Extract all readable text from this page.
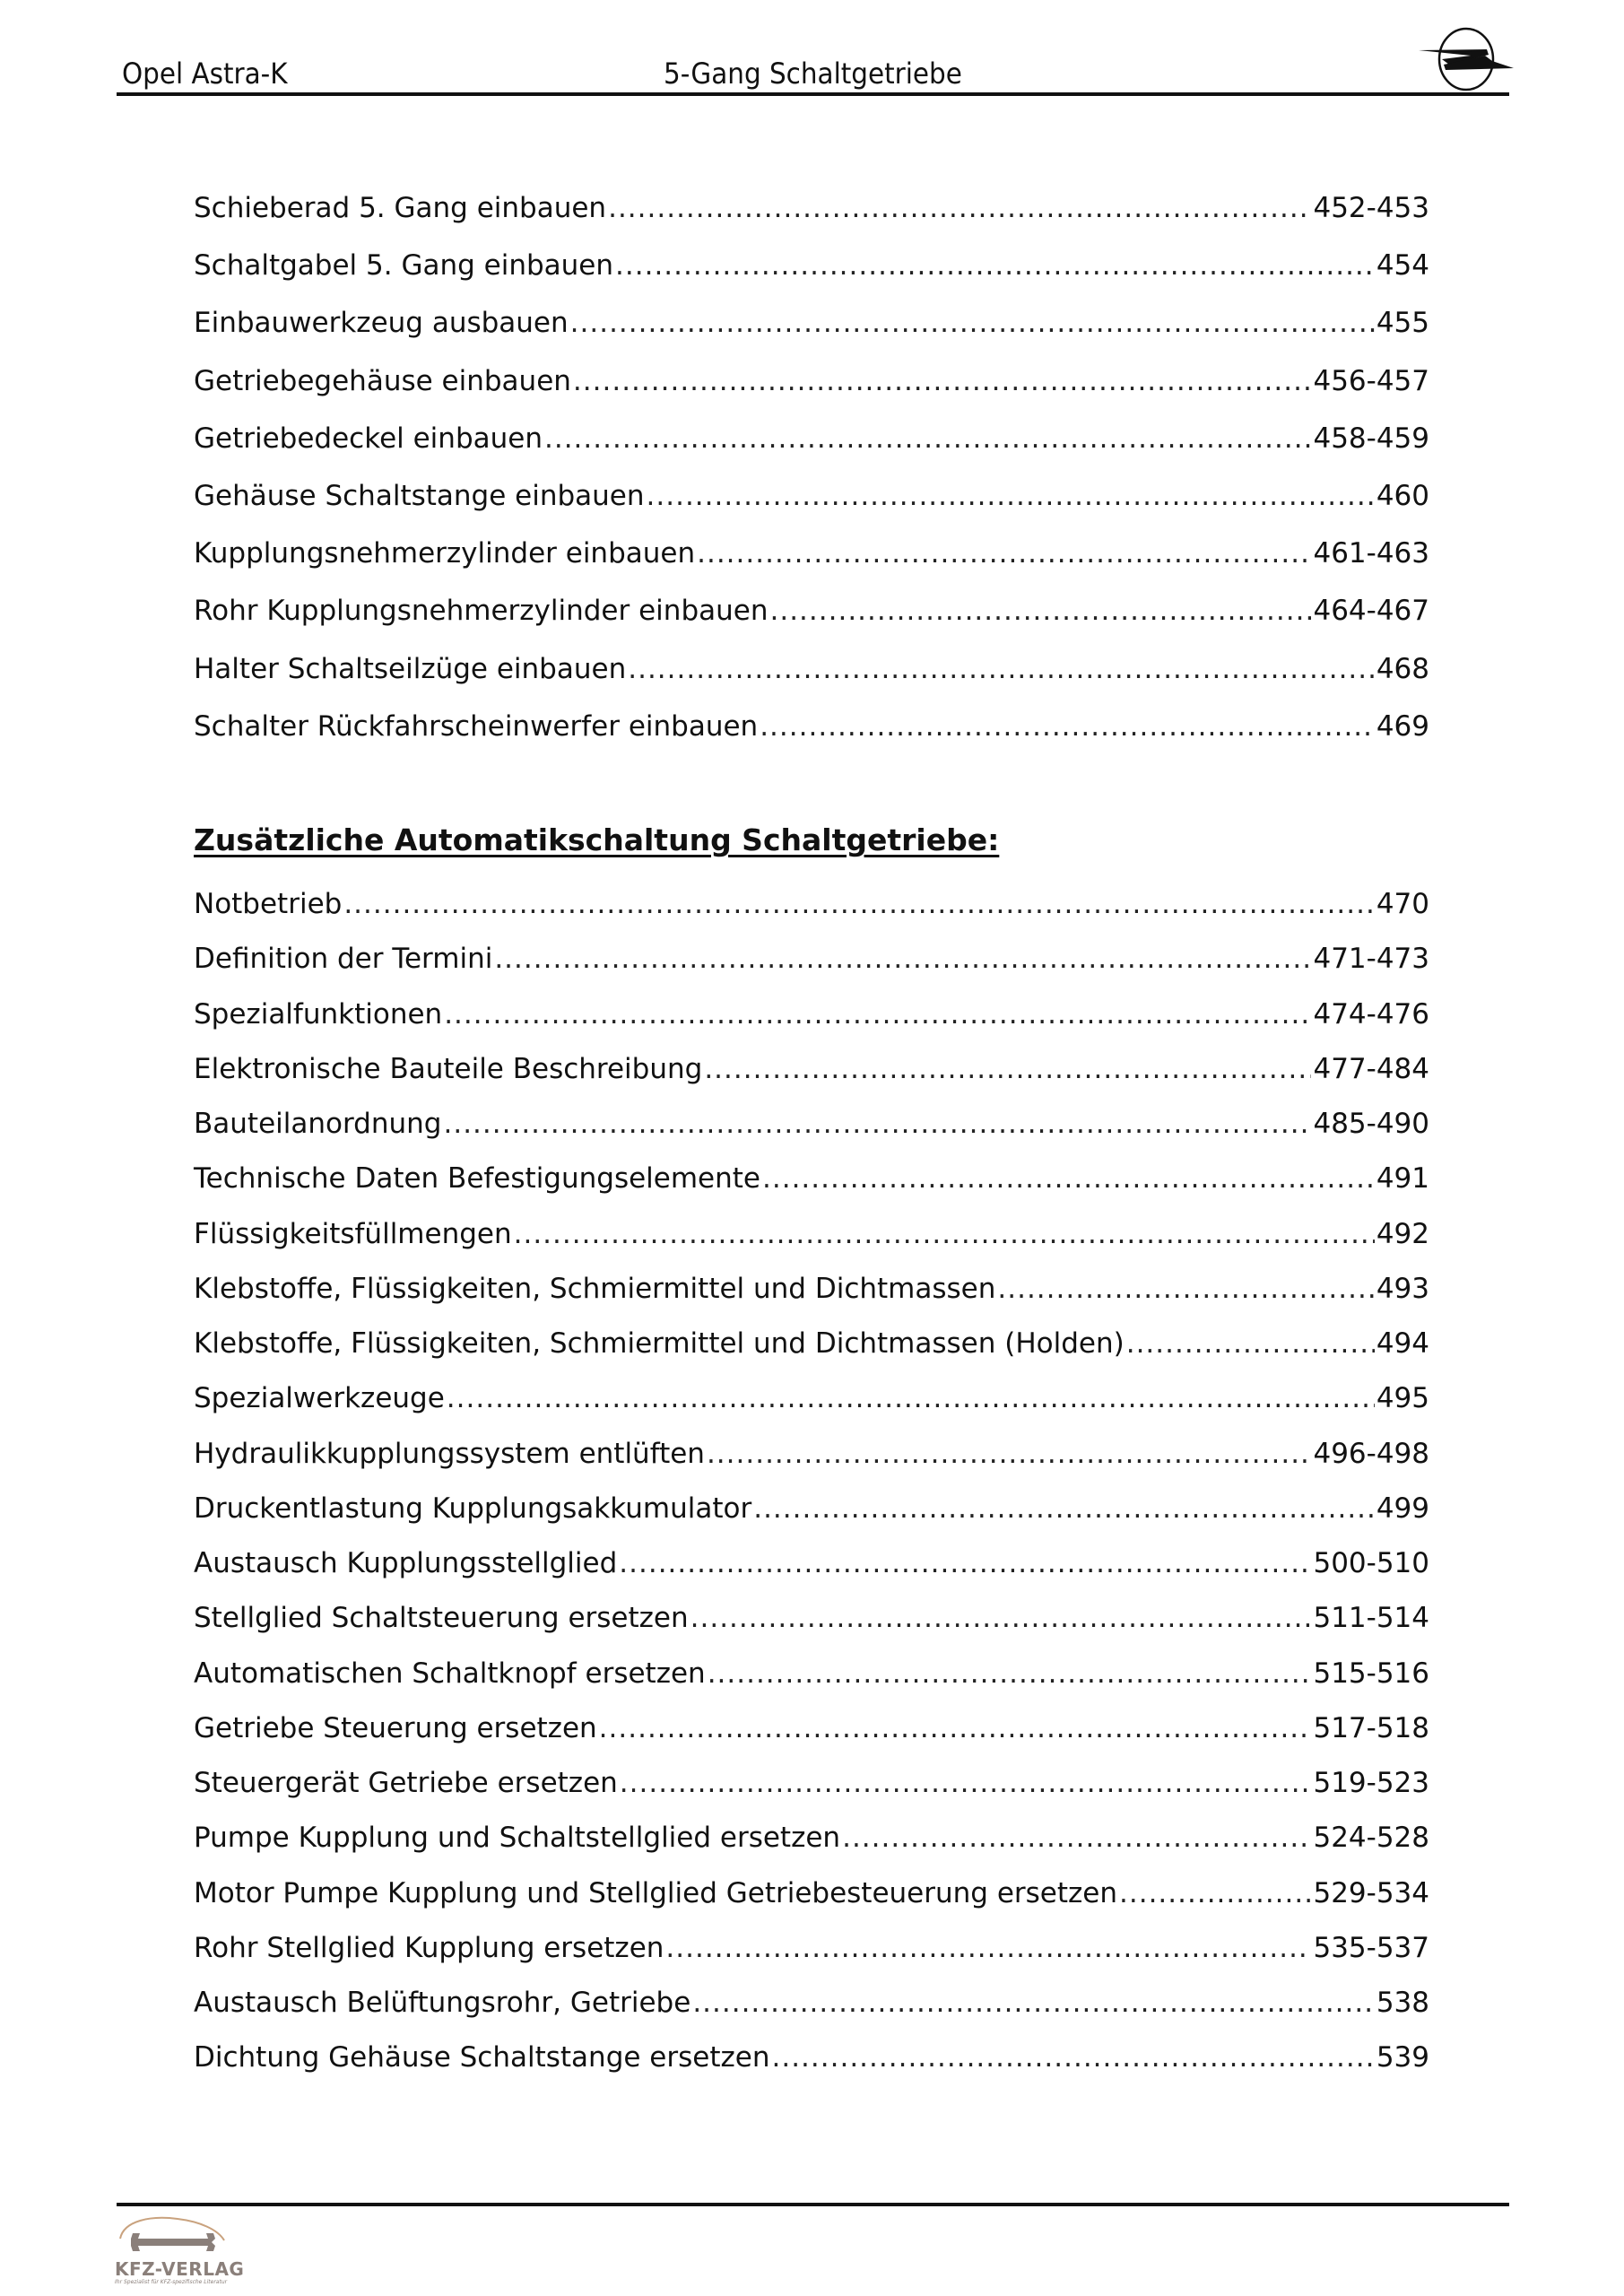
Opel Astra-K	5-Gang Schaltgetriebe
Schieberad 5. Gang einbauen .....	452-453
Schaltgabel 5. Gang einbauen .....	454
Einbauwerkzeug ausbauen .....	455
Getriebegehäuse einbauen .....	456-457
Getriebedeckel einbauen .....	458-459
Gehäuse Schaltstange einbauen .....	460
Kupplungsnehmerzylinder einbauen .....	461-463
Rohr Kupplungsnehmerzylinder einbauen .....	464-467
Halter Schaltseilzüge einbauen .....	468
Schalter Rückfahrscheinwerfer einbauen .....	469
Zusätzliche Automatikschaltung Schaltgetriebe:
Notbetrieb .....	470
Definition der Termini .....	471-473
Spezialfunktionen .....	474-476
Elektronische Bauteile Beschreibung .....	477-484
Bauteilanordnung .....	485-490
Technische Daten Befestigungselemente .....	491
Flüssigkeitsfüllmengen .....	492
Klebstoffe, Flüssigkeiten, Schmiermittel und Dichtmassen .....	493
Klebstoffe, Flüssigkeiten, Schmiermittel und Dichtmassen (Holden) .....	494
Spezialwerkzeuge .....	495
Hydraulikkupplungssystem entlüften .....	496-498
Druckentlastung Kupplungsakkumulator .....	499
Austausch Kupplungsstellglied .....	500-510
Stellglied Schaltsteuerung ersetzen .....	511-514
Automatischen Schaltknopf ersetzen .....	515-516
Getriebe Steuerung ersetzen .....	517-518
Steuergerät Getriebe ersetzen .....	519-523
Pumpe Kupplung und Schaltstellglied ersetzen .....	524-528
Motor Pumpe Kupplung und Stellglied Getriebesteuerung ersetzen .....	529-534
Rohr Stellglied Kupplung ersetzen .....	535-537
Austausch Belüftungsrohr, Getriebe .....	538
Dichtung Gehäuse Schaltstange ersetzen .....	539
KFZ-VERLAG
Ihr Spezialist für KFZ-spezifische Literatur
